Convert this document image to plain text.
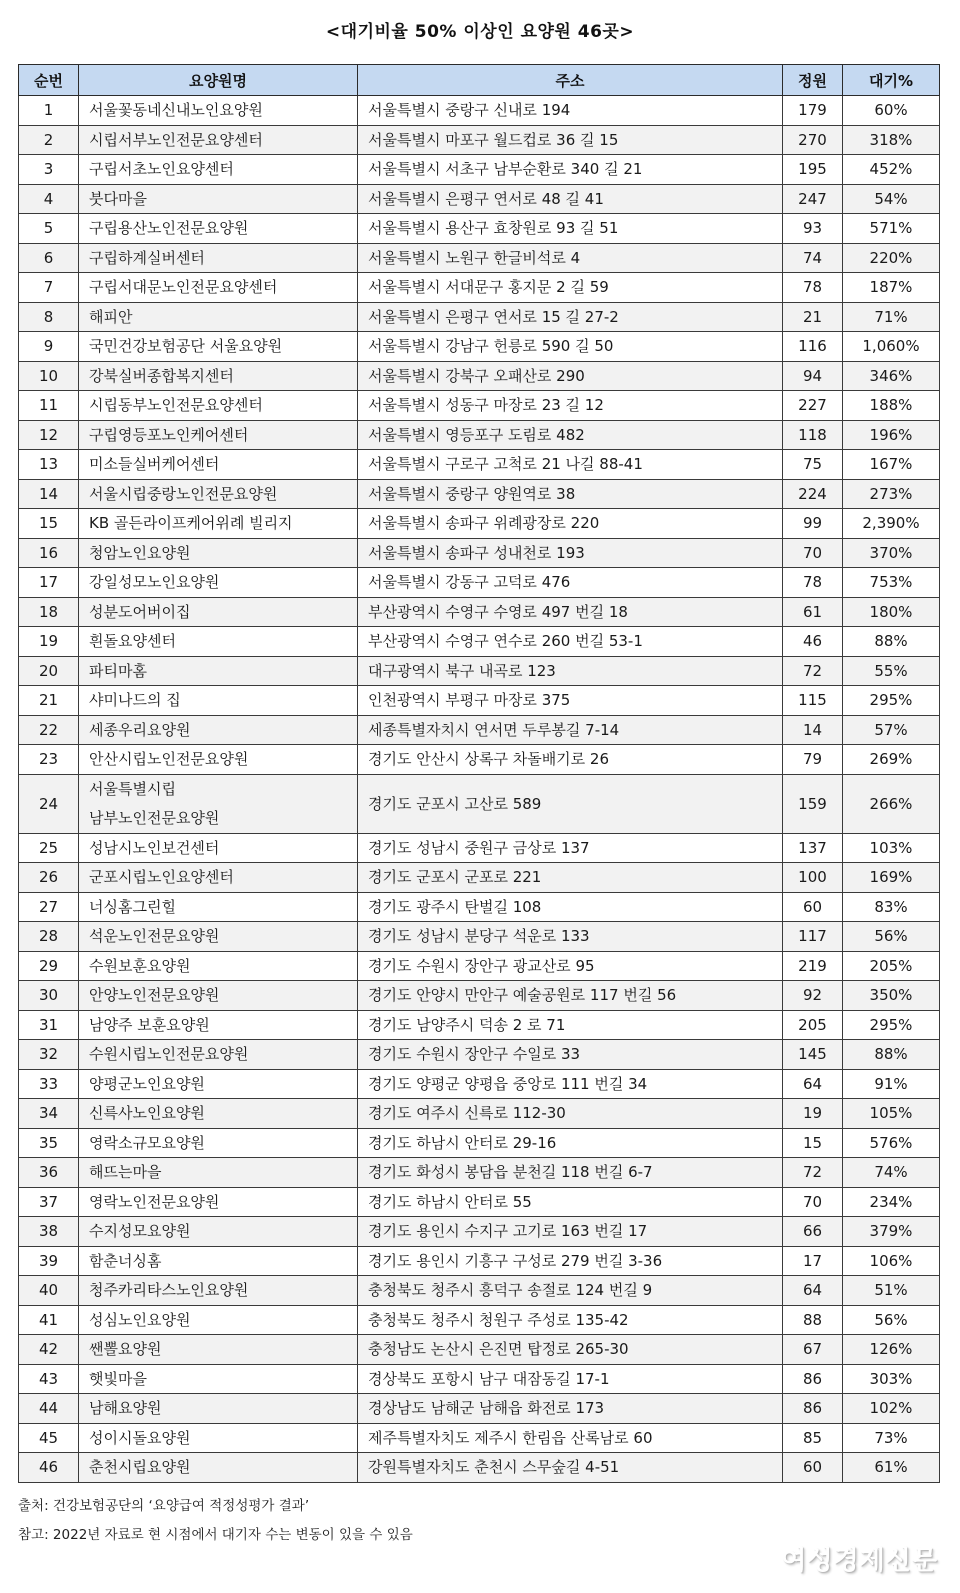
<대기비율 50% 이상인 요양원 46곳>
순번	요양원명	주소	정원	대기%
1	서울꽃동네신내노인요양원	서울특별시 중랑구 신내로 194	179	60%
2	시립서부노인전문요양센터	서울특별시 마포구 월드컵로 36 길 15	270	318%
3	구립서초노인요양센터	서울특별시 서초구 남부순환로 340 길 21	195	452%
4	붓다마을	서울특별시 은평구 연서로 48 길 41	247	54%
5	구립용산노인전문요양원	서울특별시 용산구 효창원로 93 길 51	93	571%
6	구립하계실버센터	서울특별시 노원구 한글비석로 4	74	220%
7	구립서대문노인전문요양센터	서울특별시 서대문구 홍지문 2 길 59	78	187%
8	해피안	서울특별시 은평구 연서로 15 길 27-2	21	71%
9	국민건강보험공단 서울요양원	서울특별시 강남구 헌릉로 590 길 50	116	1,060%
10	강북실버종합복지센터	서울특별시 강북구 오패산로 290	94	346%
11	시립동부노인전문요양센터	서울특별시 성동구 마장로 23 길 12	227	188%
12	구립영등포노인케어센터	서울특별시 영등포구 도림로 482	118	196%
13	미소들실버케어센터	서울특별시 구로구 고척로 21 나길 88-41	75	167%
14	서울시립중랑노인전문요양원	서울특별시 중랑구 양원역로 38	224	273%
15	KB 골든라이프케어위례 빌리지	서울특별시 송파구 위례광장로 220	99	2,390%
16	청암노인요양원	서울특별시 송파구 성내천로 193	70	370%
17	강일성모노인요양원	서울특별시 강동구 고덕로 476	78	753%
18	성분도어버이집	부산광역시 수영구 수영로 497 번길 18	61	180%
19	흰돌요양센터	부산광역시 수영구 연수로 260 번길 53-1	46	88%
20	파티마홈	대구광역시 북구 내곡로 123	72	55%
21	샤미나드의 집	인천광역시 부평구 마장로 375	115	295%
22	세종우리요양원	세종특별자치시 연서면 두루봉길 7-14	14	57%
23	안산시립노인전문요양원	경기도 안산시 상록구 차돌배기로 26	79	269%
24	서울특별시립
남부노인전문요양원	경기도 군포시 고산로 589	159	266%
25	성남시노인보건센터	경기도 성남시 중원구 금상로 137	137	103%
26	군포시립노인요양센터	경기도 군포시 군포로 221	100	169%
27	너싱홈그린힐	경기도 광주시 탄벌길 108	60	83%
28	석운노인전문요양원	경기도 성남시 분당구 석운로 133	117	56%
29	수원보훈요양원	경기도 수원시 장안구 광교산로 95	219	205%
30	안양노인전문요양원	경기도 안양시 만안구 예술공원로 117 번길 56	92	350%
31	남양주 보훈요양원	경기도 남양주시 덕송 2 로 71	205	295%
32	수원시립노인전문요양원	경기도 수원시 장안구 수일로 33	145	88%
33	양평군노인요양원	경기도 양평군 양평읍 중앙로 111 번길 34	64	91%
34	신륵사노인요양원	경기도 여주시 신륵로 112-30	19	105%
35	영락소규모요양원	경기도 하남시 안터로 29-16	15	576%
36	해뜨는마을	경기도 화성시 봉담읍 분천길 118 번길 6-7	72	74%
37	영락노인전문요양원	경기도 하남시 안터로 55	70	234%
38	수지성모요양원	경기도 용인시 수지구 고기로 163 번길 17	66	379%
39	함춘너싱홈	경기도 용인시 기흥구 구성로 279 번길 3-36	17	106%
40	청주카리타스노인요양원	충청북도 청주시 흥덕구 송절로 124 번길 9	64	51%
41	성심노인요양원	충청북도 청주시 청원구 주성로 135-42	88	56%
42	쌘뽈요양원	충청남도 논산시 은진면 탑정로 265-30	67	126%
43	햇빛마을	경상북도 포항시 남구 대잠동길 17-1	86	303%
44	남해요양원	경상남도 남해군 남해읍 화전로 173	86	102%
45	성이시돌요양원	제주특별자치도 제주시 한림읍 산록남로 60	85	73%
46	춘천시립요양원	강원특별자치도 춘천시 스무숲길 4-51	60	61%
출처: 건강보험공단의 ‘요양급여 적정성평가 결과’
참고: 2022년 자료로 현 시점에서 대기자 수는 변동이 있을 수 있음
여성경제신문
